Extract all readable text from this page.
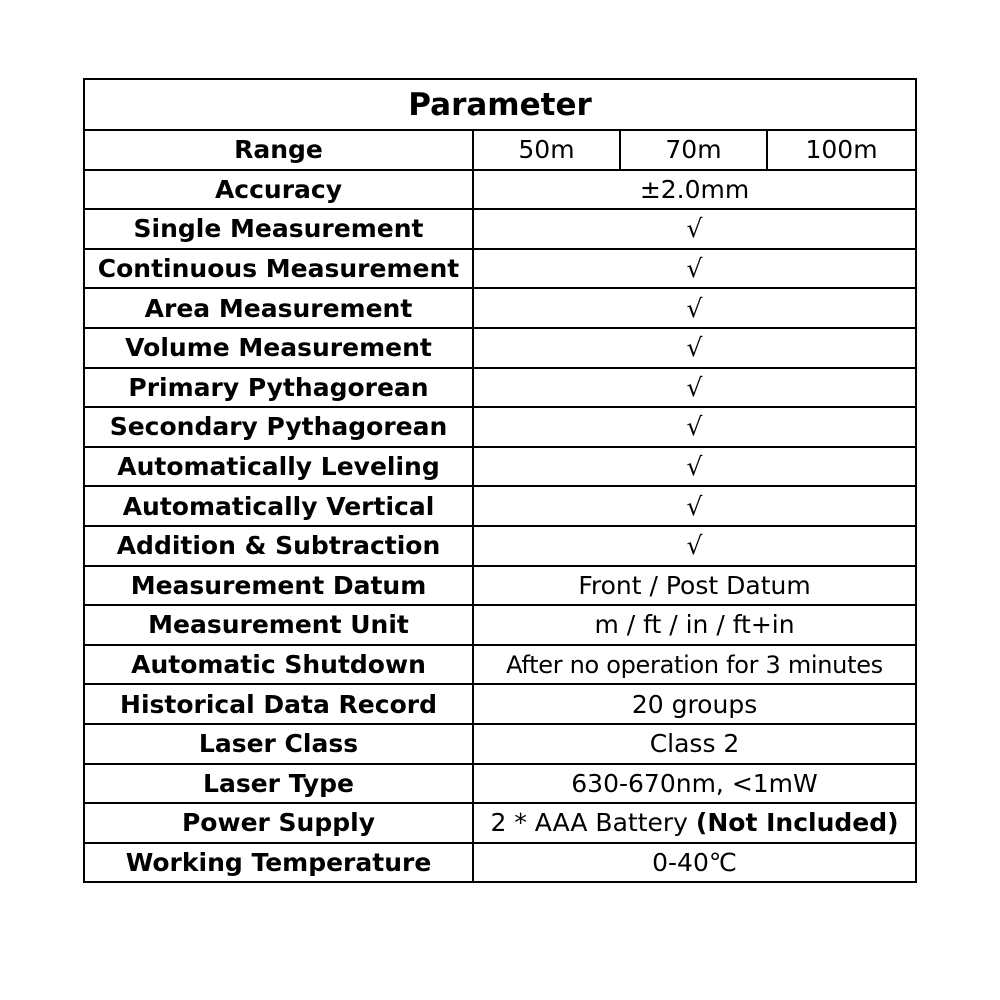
Parameter			
Range	50m	70m	100m
Accuracy	±2.0mm		
Single Measurement	√		
Continuous Measurement	√		
Area Measurement	√		
Volume Measurement	√		
Primary Pythagorean	√		
Secondary Pythagorean	√		
Automatically Leveling	√		
Automatically Vertical	√		
Addition & Subtraction	√		
Measurement Datum	Front / Post Datum		
Measurement Unit	m / ft / in / ft+in		
Automatic Shutdown	After no operation for 3 minutes		
Historical Data Record	20 groups		
Laser Class	Class 2		
Laser Type	630-670nm, <1mW		
Power Supply	2 * AAA Battery (Not Included)		
Working Temperature	0-40℃		
